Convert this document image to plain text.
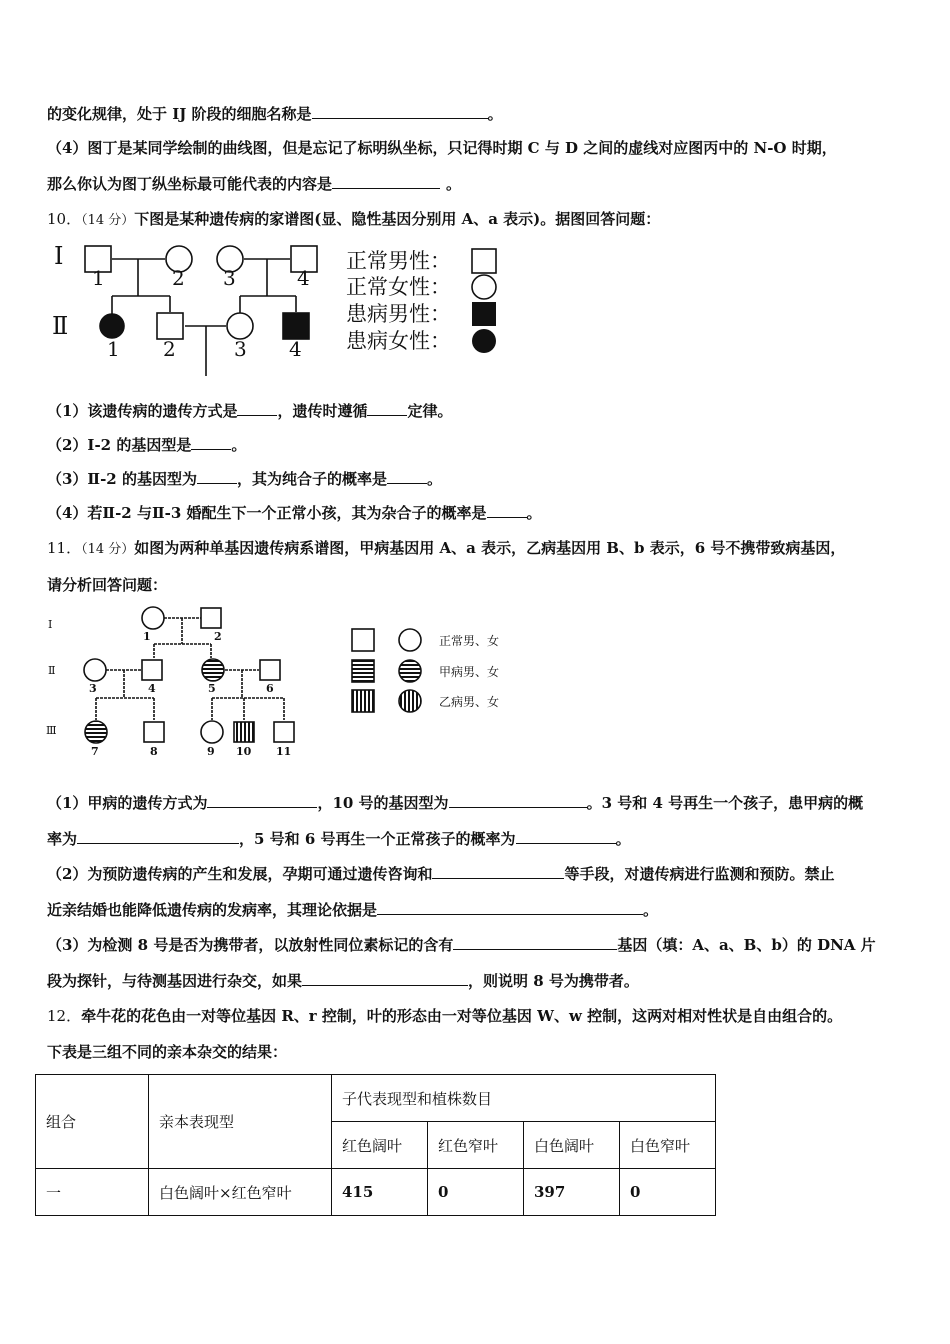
的变化规律，处于 IJ 阶段的细胞名称是	。
（4）图丁是某同学绘制的曲线图，但是忘记了标明纵坐标，只记得时期 C 与 D 之间的虚线对应图丙中的 N-O 时期，
那么你认为图丁纵坐标最可能代表的内容是	。
10．（14 分）下图是某种遗传病的家谱图(显、隐性基因分别用 A、a 表示)。据图回答问题：
Ⅰ
Ⅱ
1	2 3	4
1 2	3 4
正常男性：
正常女性：
患病男性：
患病女性：
（1）该遗传病的遗传方式是	，遗传时遵循	定律。
（2）Ⅰ-2 的基因型是	。
（3）Ⅱ-2 的基因型为	，其为纯合子的概率是	。
（4）若Ⅱ-2 与Ⅱ-3 婚配生下一个正常小孩，其为杂合子的概率是	。
11．（14 分）如图为两种单基因遗传病系谱图，甲病基因用 A、a 表示，乙病基因用 B、b 表示，6 号不携带致病基因，
请分析回答问题：
Ⅰ
Ⅱ
Ⅲ
1	2
3	4	5	6
7	8	9 10 11
正常男、女
甲病男、女
乙病男、女
（1）甲病的遗传方式为	，10 号的基因型为	。3 号和 4 号再生一个孩子，患甲病的概
率为	，5 号和 6 号再生一个正常孩子的概率为	。
（2）为预防遗传病的产生和发展，孕期可通过遗传咨询和	等手段，对遗传病进行监测和预防。禁止
近亲结婚也能降低遗传病的发病率，其理论依据是	。
（3）为检测 8 号是否为携带者，以放射性同位素标记的含有	基因（填：A、a、B、b）的 DNA 片
段为探针，与待测基因进行杂交，如果	，则说明 8 号为携带者。
12．牵牛花的花色由一对等位基因 R、r 控制，叶的形态由一对等位基因 W、w 控制，这两对相对性状是自由组合的。
下表是三组不同的亲本杂交的结果：
组合	亲本表现型	子代表现型和植株数目			
		红色阔叶	红色窄叶	白色阔叶	白色窄叶
一	白色阔叶×红色窄叶	415	0	397	0
